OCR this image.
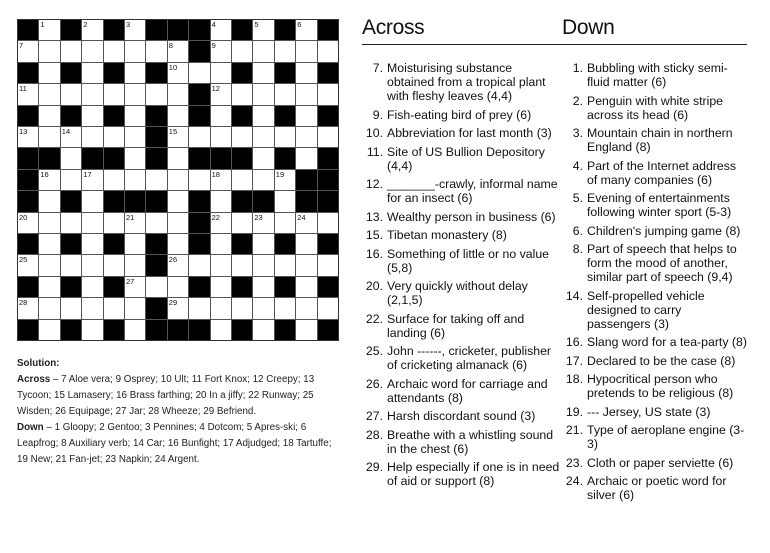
1	2	3	4	5	6
7	8	9
10
11	12
13	14	15
16	17	18	19
20	21	22	23	24
25	26
27
28	29
Solution:
Across – 7 Aloe vera; 9 Osprey; 10 Ult; 11 Fort Knox; 12 Creepy; 13 Tycoon; 15 Lamasery; 16 Brass farthing; 20 In a jiffy; 22 Runway; 25 Wisden; 26 Equipage; 27 Jar; 28 Wheeze; 29 Befriend.
Down – 1 Gloopy; 2 Gentoo; 3 Pennines; 4 Dotcom; 5 Apres-ski; 6 Leapfrog; 8 Auxiliary verb; 14 Car; 16 Bunfight; 17 Adjudged; 18 Tartuffe; 19 New; 21 Fan-jet; 23 Napkin; 24 Argent.
Across	Down
7. Moisturising substance obtained from a tropical plant with fleshy leaves (4,4)
9. Fish-eating bird of prey (6)
10. Abbreviation for last month (3)
11. Site of US Bullion Depository (4,4)
12. _______-crawly, informal name for an insect (6)
13. Wealthy person in business (6)
15. Tibetan monastery (8)
16. Something of little or no value (5,8)
20. Very quickly without delay (2,1,5)
22. Surface for taking off and landing (6)
25. John ------, cricketer, publisher of cricketing almanack (6)
26. Archaic word for carriage and attendants (8)
27. Harsh discordant sound (3)
28. Breathe with a whistling sound in the chest (6)
29. Help especially if one is in need of aid or support (8)
1. Bubbling with sticky semi-fluid matter (6)
2. Penguin with white stripe across its head (6)
3. Mountain chain in northern England (8)
4. Part of the Internet address of many companies (6)
5. Evening of entertainments following winter sport (5-3)
6. Children's jumping game (8)
8. Part of speech that helps to form the mood of another, similar part of speech (9,4)
14. Self-propelled vehicle designed to carry passengers (3)
16. Slang word for a tea-party (8)
17. Declared to be the case (8)
18. Hypocritical person who pretends to be religious (8)
19. --- Jersey, US state (3)
21. Type of aeroplane engine (3-3)
23. Cloth or paper serviette (6)
24. Archaic or poetic word for silver (6)
